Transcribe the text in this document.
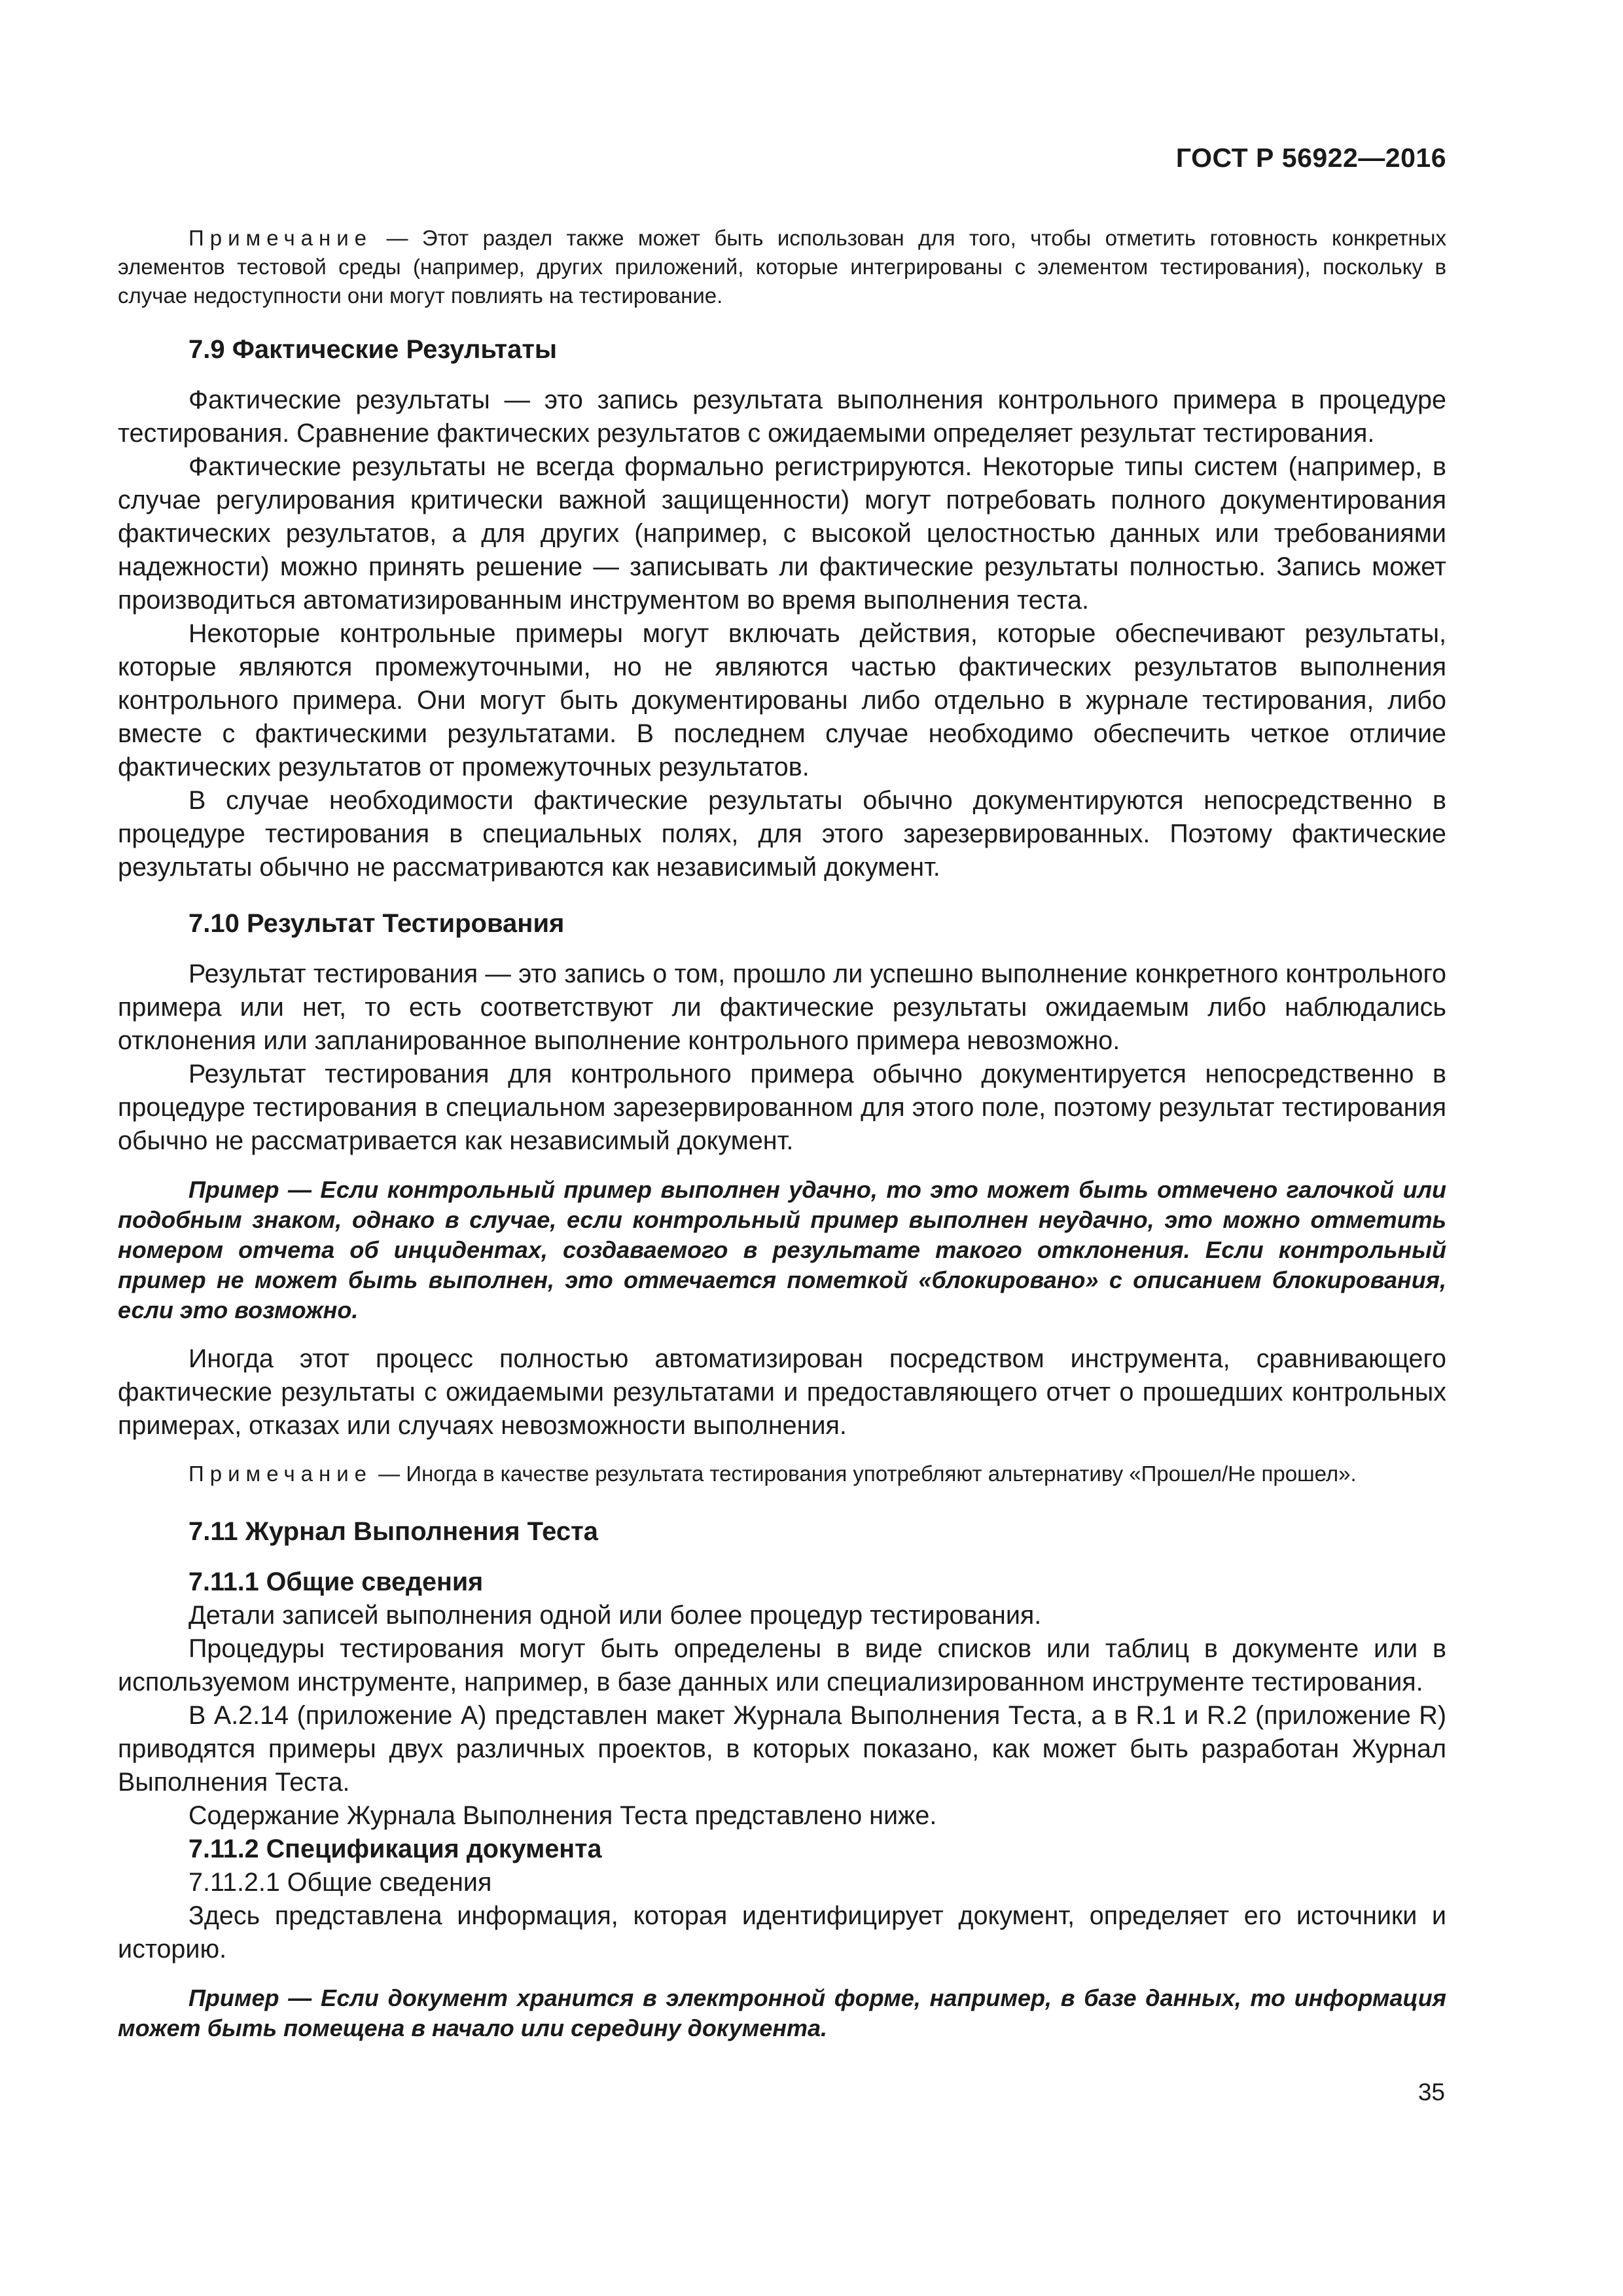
ГОСТ Р 56922—2016

Примечание — Этот раздел также может быть использован для того, чтобы отметить готовность конкретных элементов тестовой среды (например, других приложений, которые интегрированы с элементом тестирования), поскольку в случае недоступности они могут повлиять на тестирование.

7.9 Фактические Результаты

Фактические результаты — это запись результата выполнения контрольного примера в процедуре тестирования. Сравнение фактических результатов с ожидаемыми определяет результат тестирования.

Фактические результаты не всегда формально регистрируются. Некоторые типы систем (например, в случае регулирования критически важной защищенности) могут потребовать полного документирования фактических результатов, а для других (например, с высокой целостностью данных или требованиями надежности) можно принять решение — записывать ли фактические результаты полностью. Запись может производиться автоматизированным инструментом во время выполнения теста.

Некоторые контрольные примеры могут включать действия, которые обеспечивают результаты, которые являются промежуточными, но не являются частью фактических результатов выполнения контрольного примера. Они могут быть документированы либо отдельно в журнале тестирования, либо вместе с фактическими результатами. В последнем случае необходимо обеспечить четкое отличие фактических результатов от промежуточных результатов.

В случае необходимости фактические результаты обычно документируются непосредственно в процедуре тестирования в специальных полях, для этого зарезервированных. Поэтому фактические результаты обычно не рассматриваются как независимый документ.

7.10 Результат Тестирования

Результат тестирования — это запись о том, прошло ли успешно выполнение конкретного контрольного примера или нет, то есть соответствуют ли фактические результаты ожидаемым либо наблюдались отклонения или запланированное выполнение контрольного примера невозможно.

Результат тестирования для контрольного примера обычно документируется непосредственно в процедуре тестирования в специальном зарезервированном для этого поле, поэтому результат тестирования обычно не рассматривается как независимый документ.

Пример — Если контрольный пример выполнен удачно, то это может быть отмечено галочкой или подобным знаком, однако в случае, если контрольный пример выполнен неудачно, это можно отметить номером отчета об инцидентах, создаваемого в результате такого отклонения. Если контрольный пример не может быть выполнен, это отмечается пометкой «блокировано» с описанием блокирования, если это возможно.

Иногда этот процесс полностью автоматизирован посредством инструмента, сравнивающего фактические результаты с ожидаемыми результатами и предоставляющего отчет о прошедших контрольных примерах, отказах или случаях невозможности выполнения.

Примечание — Иногда в качестве результата тестирования употребляют альтернативу «Прошел/Не прошел».

7.11 Журнал Выполнения Теста

7.11.1 Общие сведения

Детали записей выполнения одной или более процедур тестирования.

Процедуры тестирования могут быть определены в виде списков или таблиц в документе или в используемом инструменте, например, в базе данных или специализированном инструменте тестирования.

В А.2.14 (приложение А) представлен макет Журнала Выполнения Теста, а в R.1 и R.2 (приложение R) приводятся примеры двух различных проектов, в которых показано, как может быть разработан Журнал Выполнения Теста.

Содержание Журнала Выполнения Теста представлено ниже.

7.11.2 Спецификация документа

7.11.2.1 Общие сведения

Здесь представлена информация, которая идентифицирует документ, определяет его источники и историю.

Пример — Если документ хранится в электронной форме, например, в базе данных, то информация может быть помещена в начало или середину документа.

35
